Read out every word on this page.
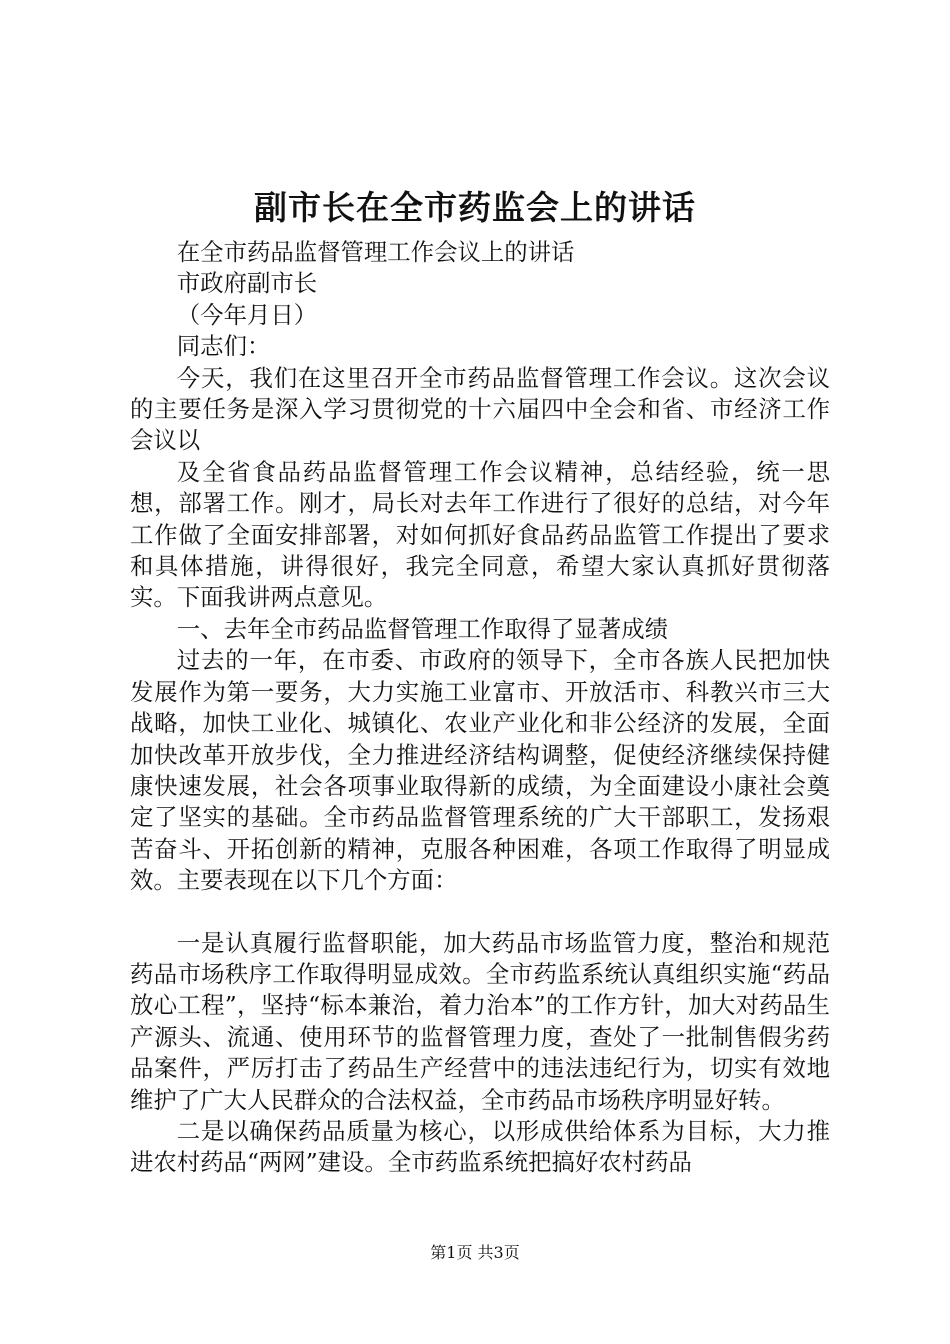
副市长在全市药监会上的讲话

在全市药品监督管理工作会议上的讲话

市政府副市长

（今年月日）

同志们：

今天，我们在这里召开全市药品监督管理工作会议。这次会议的主要任务是深入学习贯彻党的十六届四中全会和省、市经济工作会议以

及全省食品药品监督管理工作会议精神，总结经验，统一思想，部署工作。刚才，局长对去年工作进行了很好的总结，对今年工作做了全面安排部署，对如何抓好食品药品监管工作提出了要求和具体措施，讲得很好，我完全同意，希望大家认真抓好贯彻落实。下面我讲两点意见。

一、去年全市药品监督管理工作取得了显著成绩

过去的一年，在市委、市政府的领导下，全市各族人民把加快发展作为第一要务，大力实施工业富市、开放活市、科教兴市三大战略，加快工业化、城镇化、农业产业化和非公经济的发展，全面加快改革开放步伐，全力推进经济结构调整，促使经济继续保持健康快速发展，社会各项事业取得新的成绩，为全面建设小康社会奠定了坚实的基础。全市药品监督管理系统的广大干部职工，发扬艰苦奋斗、开拓创新的精神，克服各种困难，各项工作取得了明显成效。主要表现在以下几个方面：

一是认真履行监督职能，加大药品市场监管力度，整治和规范药品市场秩序工作取得明显成效。全市药监系统认真组织实施“药品放心工程”，坚持“标本兼治，着力治本”的工作方针，加大对药品生产源头、流通、使用环节的监督管理力度，查处了一批制售假劣药品案件，严厉打击了药品生产经营中的违法违纪行为，切实有效地维护了广大人民群众的合法权益，全市药品市场秩序明显好转。

二是以确保药品质量为核心，以形成供给体系为目标，大力推进农村药品“两网”建设。全市药监系统把搞好农村药品

第1页 共3页
